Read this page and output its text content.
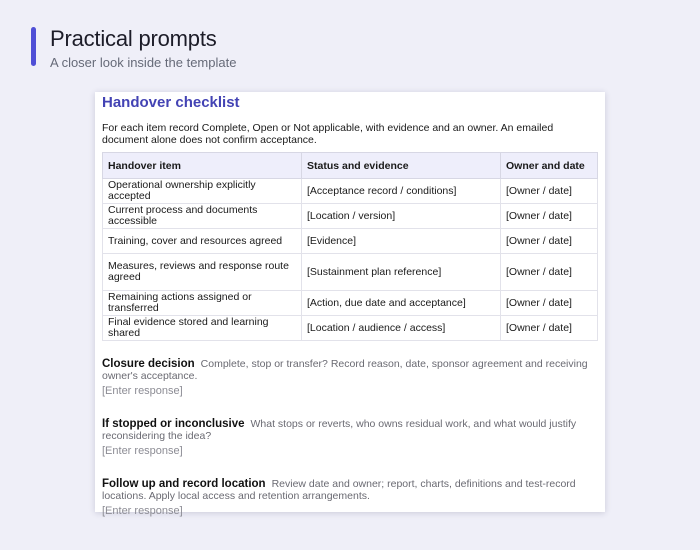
Practical prompts
A closer look inside the template
Handover checklist

For each item record Complete, Open or Not applicable, with evidence and an owner. An emailed document alone does not confirm acceptance.

Handover item	Status and evidence	Owner and date
Operational ownership explicitly accepted	[Acceptance record / conditions]	[Owner / date]
Current process and documents accessible	[Location / version]	[Owner / date]
Training, cover and resources agreed	[Evidence]	[Owner / date]
Measures, reviews and response route agreed	[Sustainment plan reference]	[Owner / date]
Remaining actions assigned or transferred	[Action, due date and acceptance]	[Owner / date]
Final evidence stored and learning shared	[Location / audience / access]	[Owner / date]
Closure decision Complete, stop or transfer? Record reason, date, sponsor agreement and receiving owner's acceptance.
[Enter response]
If stopped or inconclusive What stops or reverts, who owns residual work, and what would justify reconsidering the idea?
[Enter response]
Follow up and record location Review date and owner; report, charts, definitions and test-record locations. Apply local access and retention arrangements.
[Enter response]
